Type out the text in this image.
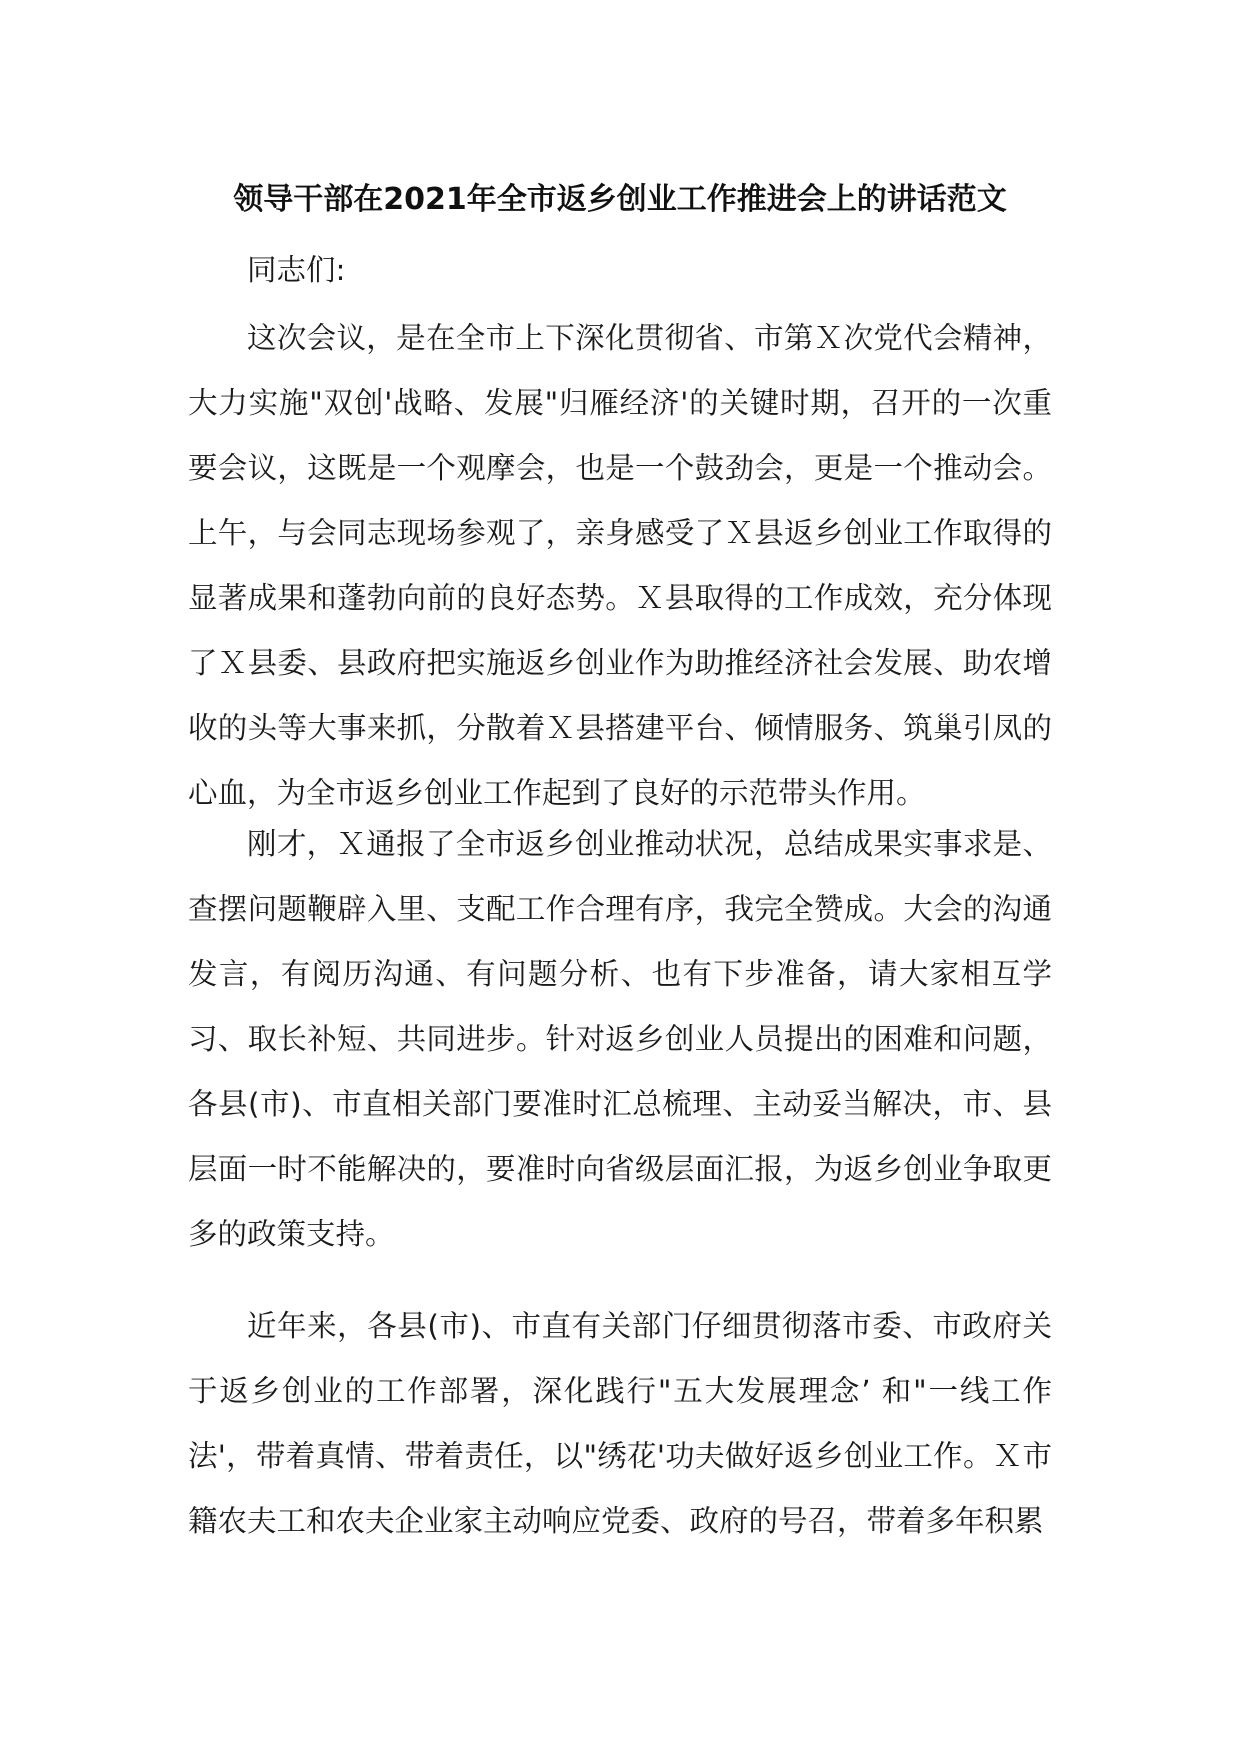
领导干部在2021年全市返乡创业工作推进会上的讲话范文

同志们:

这次会议，是在全市上下深化贯彻省、市第Ｘ次党代会精神，大力实施"双创'战略、发展"归雁经济'的关键时期，召开的一次重要会议，这既是一个观摩会，也是一个鼓劲会，更是一个推动会。上午，与会同志现场参观了，亲身感受了Ｘ县返乡创业工作取得的显著成果和蓬勃向前的良好态势。Ｘ县取得的工作成效，充分体现了Ｘ县委、县政府把实施返乡创业作为助推经济社会发展、助农增收的头等大事来抓，分散着Ｘ县搭建平台、倾情服务、筑巢引凤的心血，为全市返乡创业工作起到了良好的示范带头作用。

刚才，Ｘ通报了全市返乡创业推动状况，总结成果实事求是、查摆问题鞭辟入里、支配工作合理有序，我完全赞成。大会的沟通发言，有阅历沟通、有问题分析、也有下步准备，请大家相互学习、取长补短、共同进步。针对返乡创业人员提出的困难和问题，各县(市)、市直相关部门要准时汇总梳理、主动妥当解决，市、县层面一时不能解决的，要准时向省级层面汇报，为返乡创业争取更多的政策支持。

近年来，各县(市)、市直有关部门仔细贯彻落市委、市政府关于返乡创业的工作部署，深化践行"五大发展理念’ 和"一线工作法'，带着真情、带着责任，以"绣花'功夫做好返乡创业工作。Ｘ市籍农夫工和农夫企业家主动响应党委、政府的号召，带着多年积累
